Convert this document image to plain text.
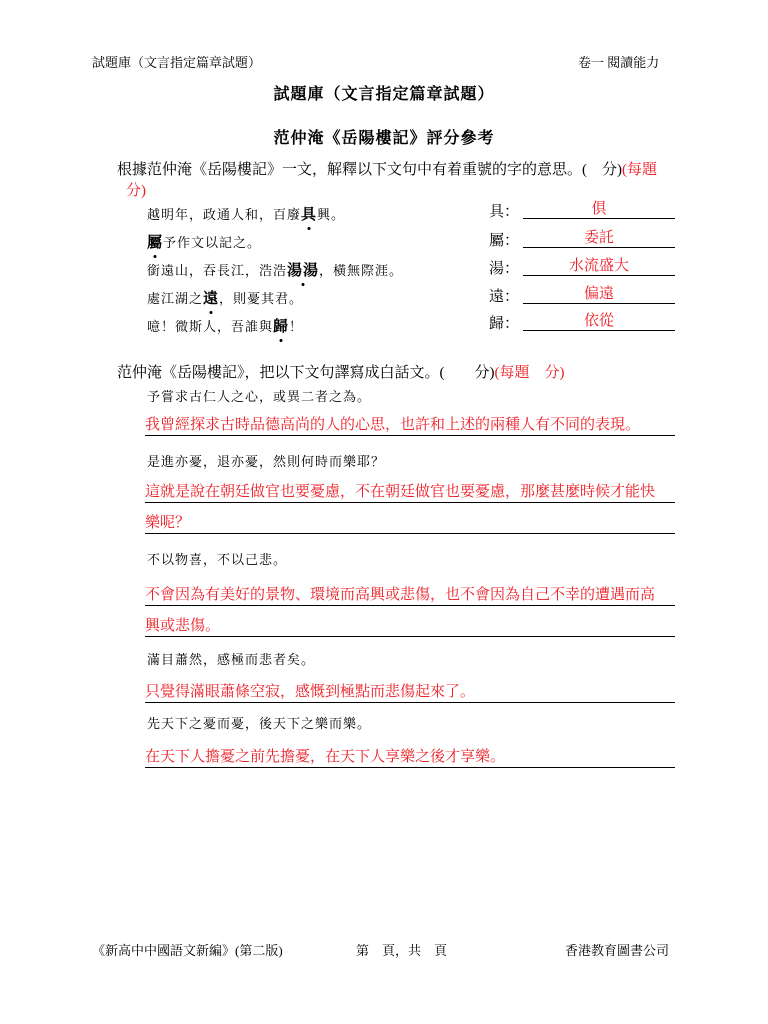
試題庫（文言指定篇章試題）	卷一 閱讀能力
試題庫（文言指定篇章試題）
范仲淹《岳陽樓記》評分參考
根據范仲淹《岳陽樓記》一文，解釋以下文句中有着重號的字的意思。(　分)(每題
分)
越明年，政通人和，百廢具
興。	具：	俱
屬
予作文以記之。	屬：	委託
銜遠山，吞長江，浩浩湯湯
，橫無際涯。	湯：	水流盛大
處江湖之遠
，則憂其君。	遠：	偏遠
噫！微斯人，吾誰與歸
！	歸：	依從
范仲淹《岳陽樓記》，把以下文句譯寫成白話文。(　　分)(每題　分)
予嘗求古仁人之心，或異二者之為。
我曾經探求古時品德高尚的人的心思，也許和上述的兩種人有不同的表現。
是進亦憂，退亦憂，然則何時而樂耶？
這就是說在朝廷做官也要憂慮，不在朝廷做官也要憂慮，那麼甚麼時候才能快
樂呢？
不以物喜，不以己悲。
不會因為有美好的景物、環境而高興或悲傷，也不會因為自己不幸的遭遇而高
興或悲傷。
滿目蕭然，感極而悲者矣。
只覺得滿眼蕭條空寂，感慨到極點而悲傷起來了。
先天下之憂而憂，後天下之樂而樂。
在天下人擔憂之前先擔憂，在天下人享樂之後才享樂。
《新高中中國語文新編》(第二版)	第　頁，共　頁	香港教育圖書公司
